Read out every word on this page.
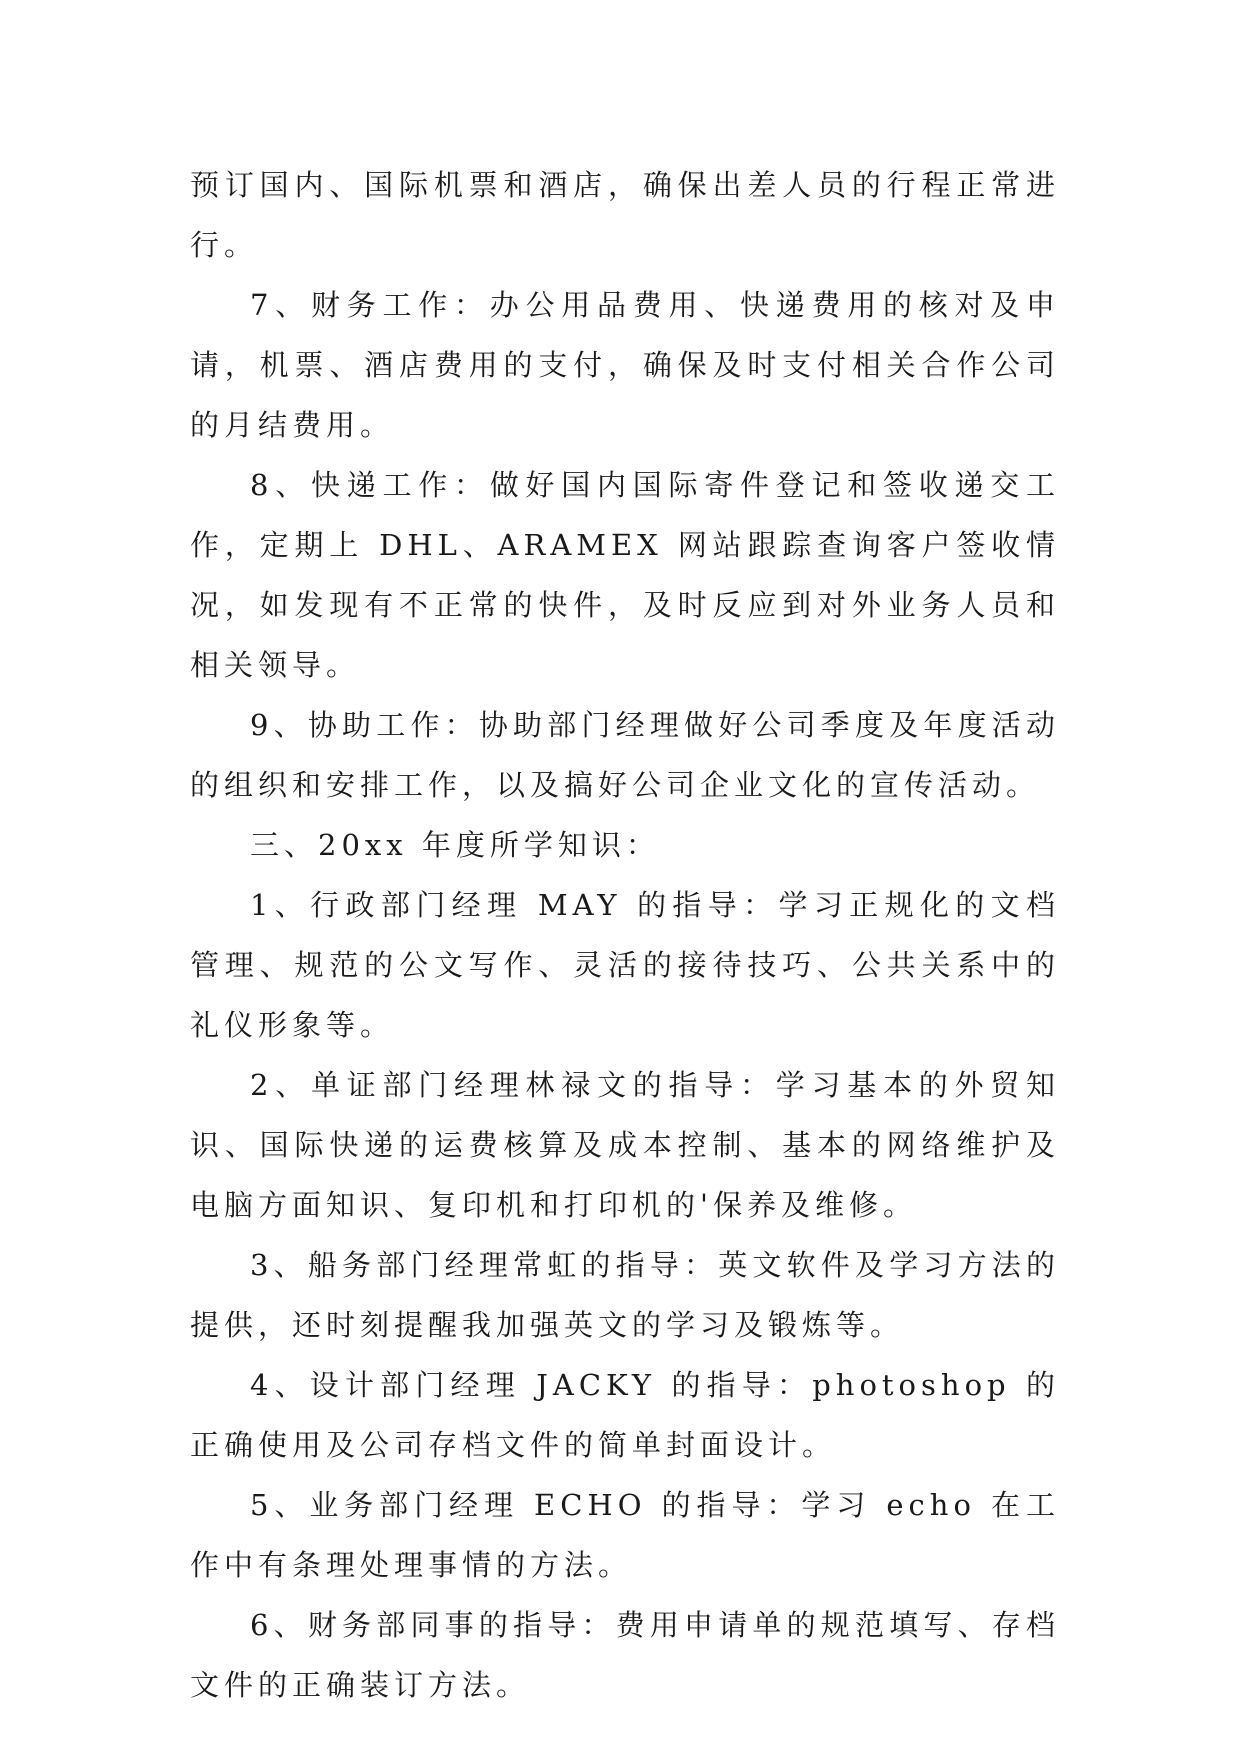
预订国内、国际机票和酒店，确保出差人员的行程正常进行。

7、财务工作：办公用品费用、快递费用的核对及申请，机票、酒店费用的支付，确保及时支付相关合作公司的月结费用。

8、快递工作：做好国内国际寄件登记和签收递交工作，定期上 DHL、ARAMEX 网站跟踪查询客户签收情况，如发现有不正常的快件，及时反应到对外业务人员和相关领导。

9、协助工作：协助部门经理做好公司季度及年度活动的组织和安排工作，以及搞好公司企业文化的宣传活动。

三、20xx 年度所学知识：

1、行政部门经理 MAY 的指导：学习正规化的文档管理、规范的公文写作、灵活的接待技巧、公共关系中的礼仪形象等。

2、单证部门经理林禄文的指导：学习基本的外贸知识、国际快递的运费核算及成本控制、基本的网络维护及电脑方面知识、复印机和打印机的'保养及维修。

3、船务部门经理常虹的指导：英文软件及学习方法的提供，还时刻提醒我加强英文的学习及锻炼等。

4、设计部门经理 JACKY 的指导：photoshop 的正确使用及公司存档文件的简单封面设计。

5、业务部门经理 ECHO 的指导：学习 echo 在工作中有条理处理事情的方法。

6、财务部同事的指导：费用申请单的规范填写、存档文件的正确装订方法。
